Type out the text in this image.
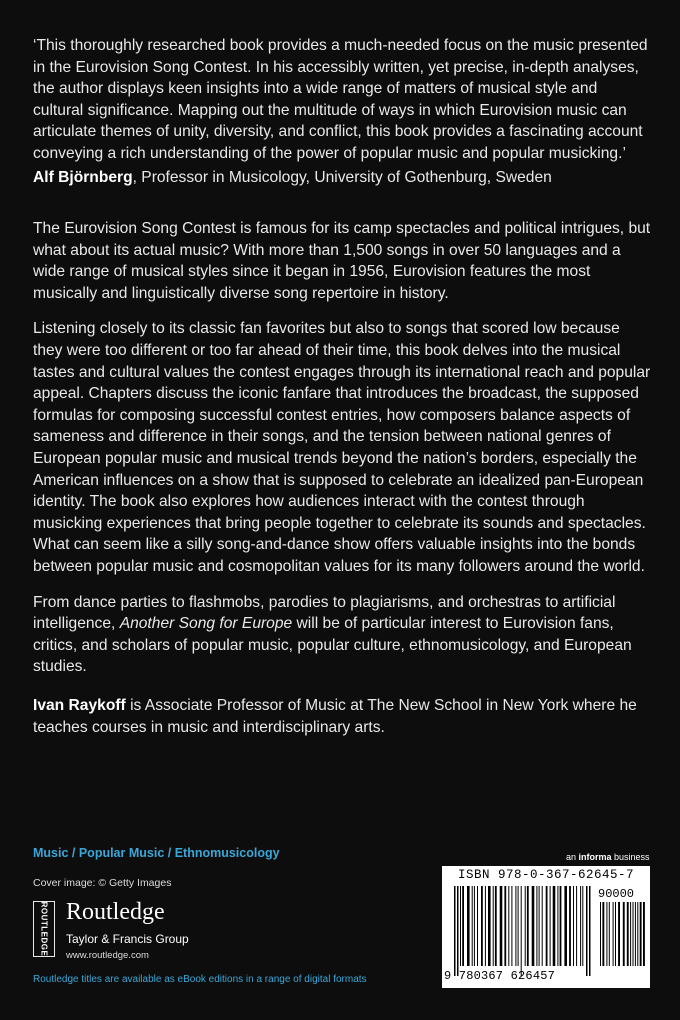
‘This thoroughly researched book provides a much-needed focus on the music presented in the Eurovision Song Contest. In his accessibly written, yet precise, in-depth analyses, the author displays keen insights into a wide range of matters of musical style and cultural significance. Mapping out the multitude of ways in which Eurovision music can articulate themes of unity, diversity, and conflict, this book provides a fascinating account conveying a rich understanding of the power of popular music and popular musicking.’

Alf Björnberg, Professor in Musicology, University of Gothenburg, Sweden

The Eurovision Song Contest is famous for its camp spectacles and political intrigues, but what about its actual music? With more than 1,500 songs in over 50 languages and a wide range of musical styles since it began in 1956, Eurovision features the most musically and linguistically diverse song repertoire in history.

Listening closely to its classic fan favorites but also to songs that scored low because they were too different or too far ahead of their time, this book delves into the musical tastes and cultural values the contest engages through its international reach and popular appeal. Chapters discuss the iconic fanfare that introduces the broadcast, the supposed formulas for composing successful contest entries, how composers balance aspects of sameness and difference in their songs, and the tension between national genres of European popular music and musical trends beyond the nation’s borders, especially the American influences on a show that is supposed to celebrate an idealized pan-European identity. The book also explores how audiences interact with the contest through musicking experiences that bring people together to celebrate its sounds and spectacles. What can seem like a silly song-and-dance show offers valuable insights into the bonds between popular music and cosmopolitan values for its many followers around the world.

From dance parties to flashmobs, parodies to plagiarisms, and orchestras to artificial intelligence, Another Song for Europe will be of particular interest to Eurovision fans, critics, and scholars of popular music, popular culture, ethnomusicology, and European studies.

Ivan Raykoff is Associate Professor of Music at The New School in New York where he teaches courses in music and interdisciplinary arts.

Music / Popular Music / Ethnomusicology
Cover image: © Getty Images
ROUTLEDGE Routledge
Taylor & Francis Group
www.routledge.com
Routledge titles are available as eBook editions in a range of digital formats
an informa business
ISBN 978-0-367-62645-7
90000
9 780367 626457
